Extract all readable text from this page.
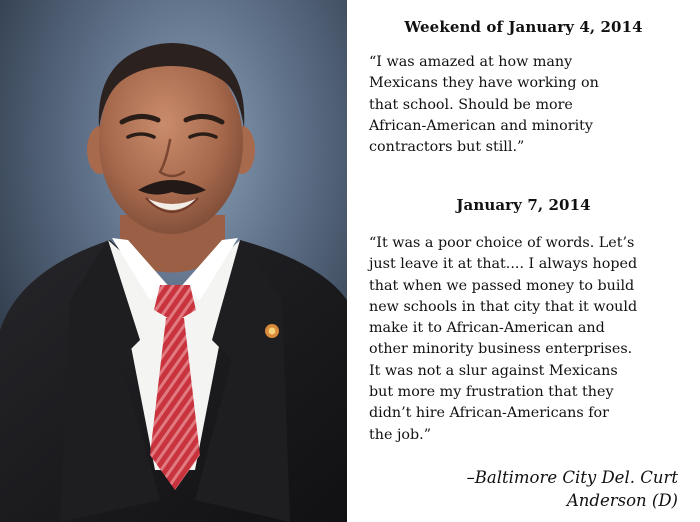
Weekend of January 4, 2014
“I was amazed at how many
Mexicans they have working on
that school. Should be more
African-American and minority
contractors but still.”
January 7, 2014
“It was a poor choice of words. Let’s
just leave it at that.... I always hoped
that when we passed money to build
new schools in that city that it would
make it to African-American and
other minority business enterprises.
It was not a slur against Mexicans
but more my frustration that they
didn’t hire African-Americans for
the job.”
–Baltimore City Del. Curt
Anderson (D)
